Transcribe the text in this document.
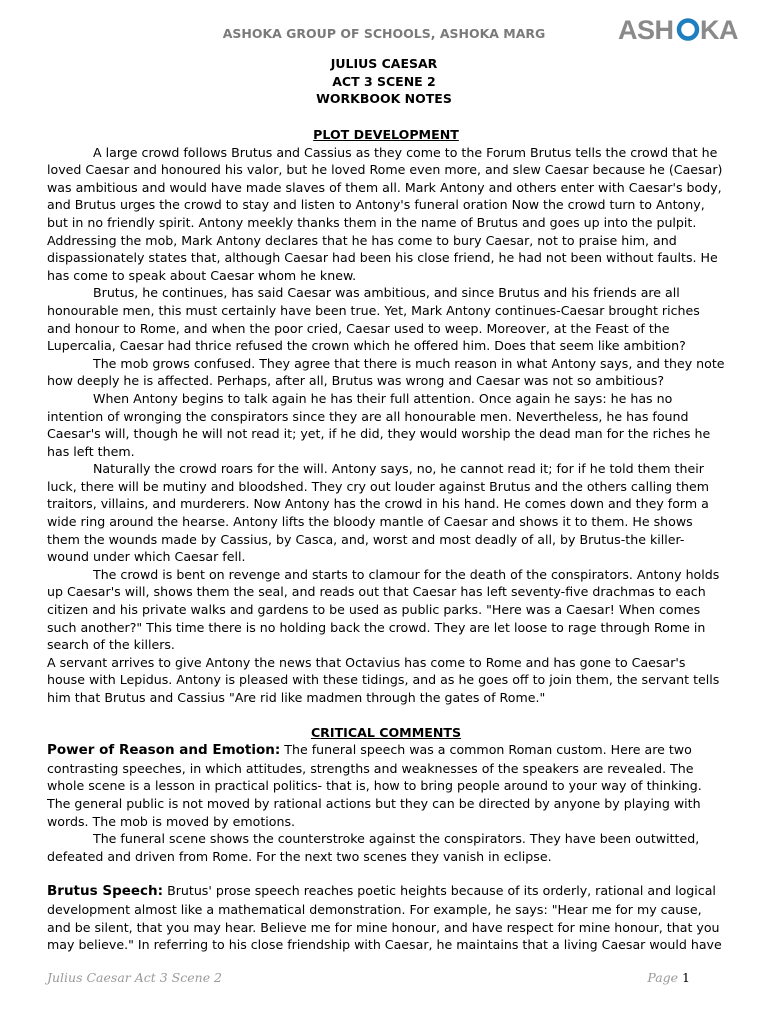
ASHOKA GROUP OF SCHOOLS, ASHOKA MARG	ASH KA
JULIUS CAESAR
ACT 3 SCENE 2
WORKBOOK NOTES

PLOT DEVELOPMENT

A large crowd follows Brutus and Cassius as they come to the Forum Brutus tells the crowd that he loved Caesar and honoured his valor, but he loved Rome even more, and slew Caesar because he (Caesar) was ambitious and would have made slaves of them all. Mark Antony and others enter with Caesar's body, and Brutus urges the crowd to stay and listen to Antony's funeral oration Now the crowd turn to Antony, but in no friendly spirit. Antony meekly thanks them in the name of Brutus and goes up into the pulpit. Addressing the mob, Mark Antony declares that he has come to bury Caesar, not to praise him, and dispassionately states that, although Caesar had been his close friend, he had not been without faults. He has come to speak about Caesar whom he knew.

Brutus, he continues, has said Caesar was ambitious, and since Brutus and his friends are all honourable men, this must certainly have been true. Yet, Mark Antony continues-Caesar brought riches and honour to Rome, and when the poor cried, Caesar used to weep. Moreover, at the Feast of the Lupercalia, Caesar had thrice refused the crown which he offered him. Does that seem like ambition?

The mob grows confused. They agree that there is much reason in what Antony says, and they note how deeply he is affected. Perhaps, after all, Brutus was wrong and Caesar was not so ambitious?

When Antony begins to talk again he has their full attention. Once again he says: he has no intention of wronging the conspirators since they are all honourable men. Nevertheless, he has found Caesar's will, though he will not read it; yet, if he did, they would worship the dead man for the riches he has left them.

Naturally the crowd roars for the will. Antony says, no, he cannot read it; for if he told them their luck, there will be mutiny and bloodshed. They cry out louder against Brutus and the others calling them traitors, villains, and murderers. Now Antony has the crowd in his hand. He comes down and they form a wide ring around the hearse. Antony lifts the bloody mantle of Caesar and shows it to them. He shows them the wounds made by Cassius, by Casca, and, worst and most deadly of all, by Brutus-the killer-wound under which Caesar fell.

The crowd is bent on revenge and starts to clamour for the death of the conspirators. Antony holds up Caesar's will, shows them the seal, and reads out that Caesar has left seventy-five drachmas to each citizen and his private walks and gardens to be used as public parks. "Here was a Caesar! When comes such another?" This time there is no holding back the crowd. They are let loose to rage through Rome in search of the killers.

A servant arrives to give Antony the news that Octavius has come to Rome and has gone to Caesar's house with Lepidus. Antony is pleased with these tidings, and as he goes off to join them, the servant tells him that Brutus and Cassius "Are rid like madmen through the gates of Rome."

CRITICAL COMMENTS

Power of Reason and Emotion: The funeral speech was a common Roman custom. Here are two contrasting speeches, in which attitudes, strengths and weaknesses of the speakers are revealed. The whole scene is a lesson in practical politics- that is, how to bring people around to your way of thinking. The general public is not moved by rational actions but they can be directed by anyone by playing with words. The mob is moved by emotions.

The funeral scene shows the counterstroke against the conspirators. They have been outwitted, defeated and driven from Rome. For the next two scenes they vanish in eclipse.

Brutus Speech: Brutus' prose speech reaches poetic heights because of its orderly, rational and logical development almost like a mathematical demonstration. For example, he says: "Hear me for my cause, and be silent, that you may hear. Believe me for mine honour, and have respect for mine honour, that you may believe." In referring to his close friendship with Caesar, he maintains that a living Caesar would have

Julius Caesar Act 3 Scene 2	Page 1
